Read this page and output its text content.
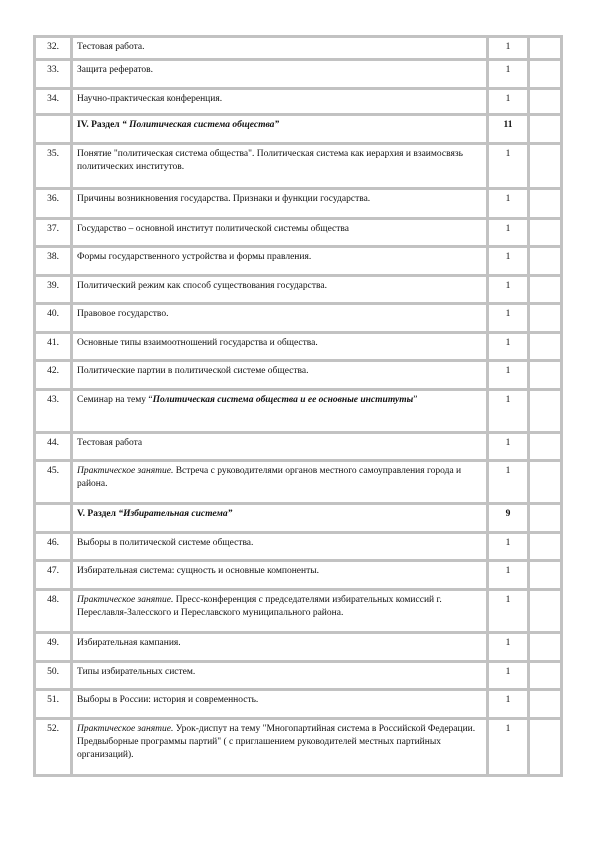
32.	Тестовая работа.	1	
33.	Защита рефератов.	1	
34.	Научно-практическая конференция.	1	
	IV. Раздел “ Политическая система общества”	11	
35.	Понятие "политическая система общества". Политическая система как иерархия и взаимосвязь политических институтов.	1	
36.	Причины возникновения государства. Признаки и функции государства.	1	
37.	Государство – основной институт политической системы общества	1	
38.	Формы государственного устройства и формы правления.	1	
39.	Политический режим как способ существования государства.	1	
40.	Правовое государство.	1	
41.	Основные типы взаимоотношений государства и общества.	1	
42.	Политические партии в политической системе общества.	1	
43.	Семинар на тему “Политическая система общества и ее основные институты”	1	
44.	Тестовая работа	1	
45.	Практическое занятие. Встреча с руководителями органов местного самоуправления города и района.	1	
	V. Раздел “Избирательная система”	9	
46.	Выборы в политической системе общества.	1	
47.	Избирательная система: сущность и основные компоненты.	1	
48.	Практическое занятие. Пресс-конференция с председателями избирательных комиссий г. Переславля-Залесского и Переславского муниципального района.	1	
49.	Избирательная кампания.	1	
50.	Типы избирательных систем.	1	
51.	Выборы в России: история и современность.	1	
52.	Практическое занятие. Урок-диспут на тему "Многопартийная система в Российской Федерации. Предвыборные программы партий" ( с приглашением руководителей местных партийных организаций).	1	
